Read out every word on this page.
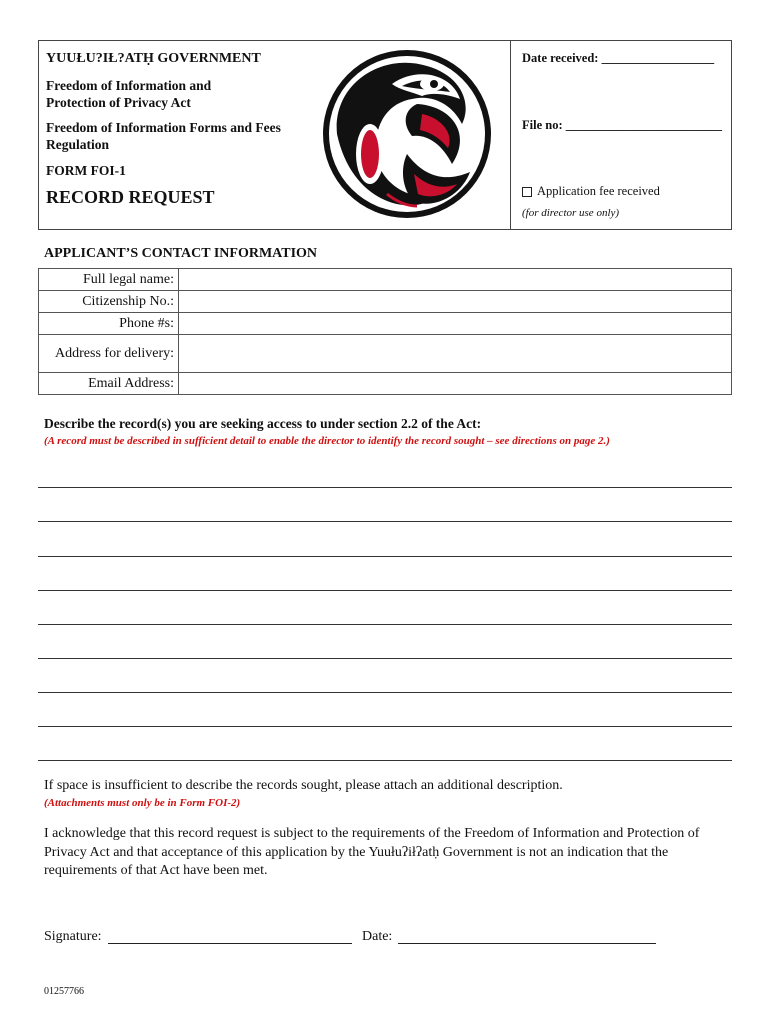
YUUŁU?IŁ?ATḤ GOVERNMENT
Freedom of Information and Protection of Privacy Act
Freedom of Information Forms and Fees Regulation
FORM FOI-1
RECORD REQUEST
Date received: __________________
File no: _________________________
Application fee received
(for director use only)
APPLICANT’S CONTACT INFORMATION
Full legal name:	
Citizenship No.:	
Phone #s:	
Address for delivery:	
Email Address:	
Describe the record(s) you are seeking access to under section 2.2 of the Act:
(A record must be described in sufficient detail to enable the director to identify the record sought – see directions on page 2.)
If space is insufficient to describe the records sought, please attach an additional description.
(Attachments must only be in Form FOI-2)
I acknowledge that this record request is subject to the requirements of the Freedom of Information and Protection of Privacy Act and that acceptance of this application by the Yuułuʔiłʔatḥ Government is not an indication that the requirements of that Act have been met.
Signature:	Date:
01257766
